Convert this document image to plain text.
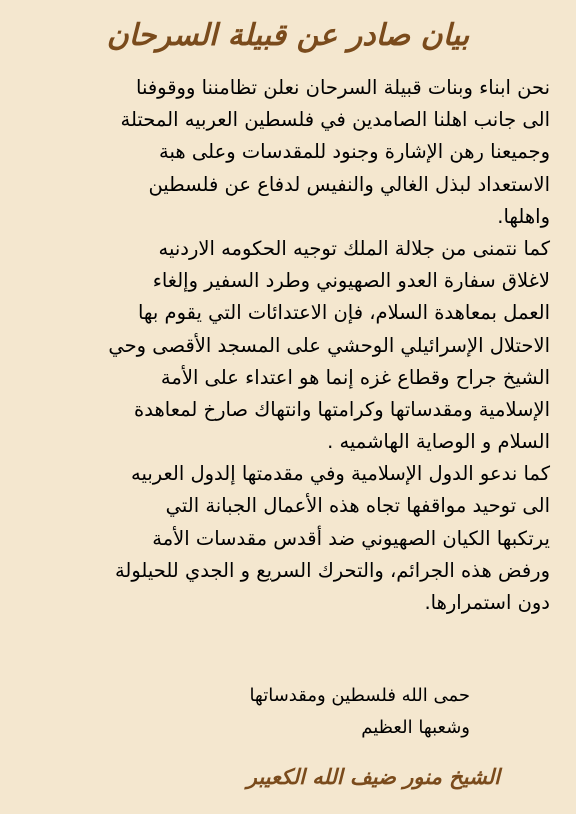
بيان صادر عن قبيلة السرحان
نحن ابناء وبنات قبيلة السرحان نعلن تظامننا ووقوفنا
الى جانب اهلنا الصامدين في فلسطين العربيه المحتلة
وجميعنا رهن الإشارة وجنود للمقدسات وعلى هبة
الاستعداد لبذل الغالي والنفيس لدفاع عن فلسطين
واهلها.
كما نتمنى من جلالة الملك توجيه الحكومه الاردنيه
لاغلاق سفارة العدو الصهيوني وطرد السفير وإلغاء
العمل بمعاهدة السلام، فإن الاعتدائات التي يقوم بها
الاحتلال الإسرائيلي الوحشي على المسجد الأقصى وحي
الشيخ جراح وقطاع غزه إنما هو اعتداء على الأمة
الإسلامية ومقدساتها وكرامتها وانتهاك صارخ لمعاهدة
السلام و الوصاية الهاشميه .
كما ندعو الدول الإسلامية وفي مقدمتها إلدول العربيه
الى توحيد مواقفها تجاه هذه الأعمال الجبانة التي
يرتكبها الكيان الصهيوني ضد أقدس مقدسات الأمة
ورفض هذه الجرائم، والتحرك السريع و الجدي للحيلولة
دون استمرارها.
حمى الله فلسطين ومقدساتها
وشعبها العظيم
الشيخ منور ضيف الله الكعيبر
